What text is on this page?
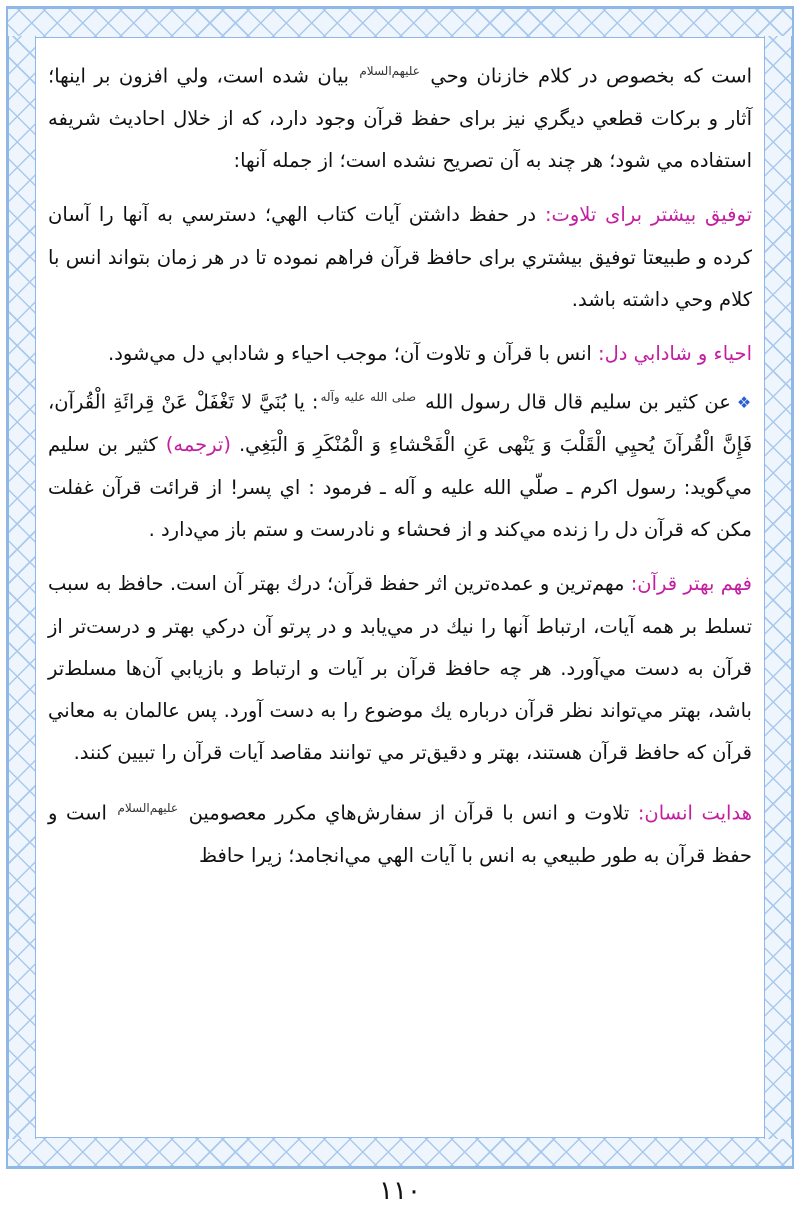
است كه بخصوص در كلام خازنان وحي $^{عليهم‌السلام}$ بيان شده است، ولي افزون بر اينها؛ آثار و بركات قطعي ديگري نيز براى حفظ قرآن وجود دارد، كه از خلال احاديث شريفه استفاده مي شود؛ هر چند به آن تصريح نشده است؛ از جمله آنها:

توفيق بيشتر براى تلاوت: در حفظ داشتن آيات كتاب الهي؛ دسترسي به آنها را آسان كرده و طبيعتا توفيق بيشتري براى حافظ قرآن فراهم نموده تا در هر زمان بتواند انس با كلام وحي داشته باشد.

احياء و شادابي دل: انس با قرآن و تلاوت آن؛ موجب احياء و شادابي دل مي‌شود.
❖عن كثير بن سليم قال قال رسول الله $^{صلى الله عليه وآله}$: يا بُنَيَّ لا تَغْفَلْ عَنْ قِرائَةِ الْقُرآن، فَإِنَّ الْقُرآنَ يُحيِي الْقَلْبَ وَ يَنْهى عَنِ الْفَحْشاءِ وَ الْمُنْكَرِ وَ الْبَغِي. (ترجمه) كثير بن سليم مي‌گويد: رسول اكرم ـ صلّي الله عليه و آله ـ فرمود : اي پسر! از قرائت قرآن غفلت مكن كه قرآن دل را زنده مي‌كند و از فحشاء و نادرست و ستم باز مي‌دارد .

فهم بهتر قرآن: مهم‌ترين و عمده‌ترين اثر حفظ قرآن؛ درك بهتر آن است. حافظ به سبب تسلط بر همه آيات، ارتباط آنها را نيك در مي‌يابد و در پرتو آن دركي بهتر و درست‌تر از قرآن به دست مي‌آورد. هر چه حافظ قرآن بر آيات و ارتباط و بازيابي آن‌ها مسلط‌تر باشد، بهتر مي‌تواند نظر قرآن درباره يك موضوع را به دست آورد. پس عالمان به معاني قرآن كه حافظ قرآن هستند، بهتر و دقيق‌تر مي توانند مقاصد آيات قرآن را تبيين كنند.

هدايت انسان: تلاوت و انس با قرآن از سفارش‌هاي مكرر معصومين $^{عليهم‌السلام}$ است و حفظ قرآن به طور طبيعي به انس با آيات الهي مي‌انجامد؛ زيرا حافظ

١١٠
